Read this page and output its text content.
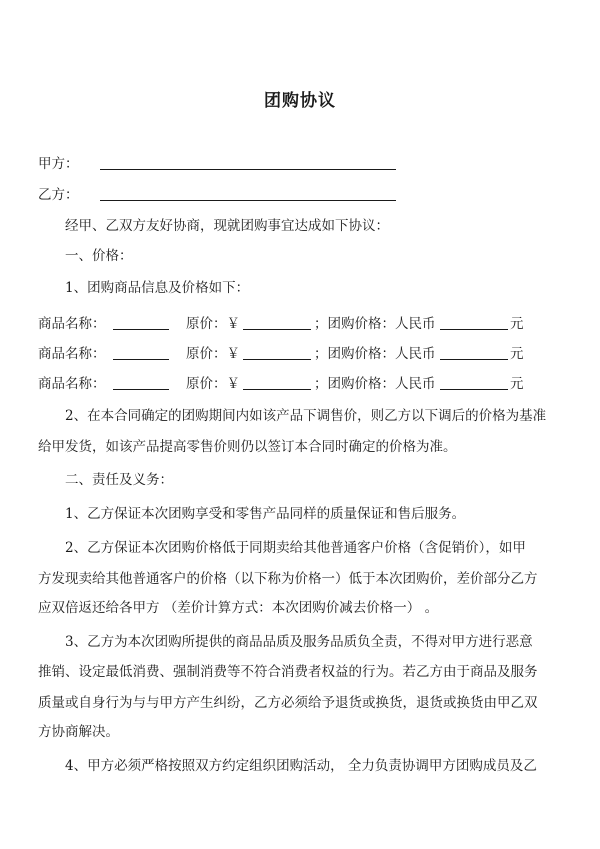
团购协议
甲方：
乙方：
经甲、乙双方友好协商，现就团购事宜达成如下协议：
一、价格：
1、团购商品信息及价格如下：
商品名称：	原价：￥	；团购价格：人民币	元
商品名称：	原价：￥	；团购价格：人民币	元
商品名称：	原价：￥	；团购价格：人民币	元
2、在本合同确定的团购期间内如该产品下调售价，则乙方以下调后的价格为基准
给甲发货，如该产品提高零售价则仍以签订本合同时确定的价格为准。
二、责任及义务：
1、乙方保证本次团购享受和零售产品同样的质量保证和售后服务。
2、乙方保证本次团购价格低于同期卖给其他普通客户价格（含促销价），如甲
方发现卖给其他普通客户的价格（以下称为价格一）低于本次团购价，差价部分乙方
应双倍返还给各甲方 （差价计算方式：本次团购价减去价格一） 。
3、乙方为本次团购所提供的商品品质及服务品质负全责，不得对甲方进行恶意
推销、设定最低消费、强制消费等不符合消费者权益的行为。若乙方由于商品及服务
质量或自身行为与与甲方产生纠纷，乙方必须给予退货或换货，退货或换货由甲乙双
方协商解决。
4、甲方必须严格按照双方约定组织团购活动， 全力负责协调甲方团购成员及乙
